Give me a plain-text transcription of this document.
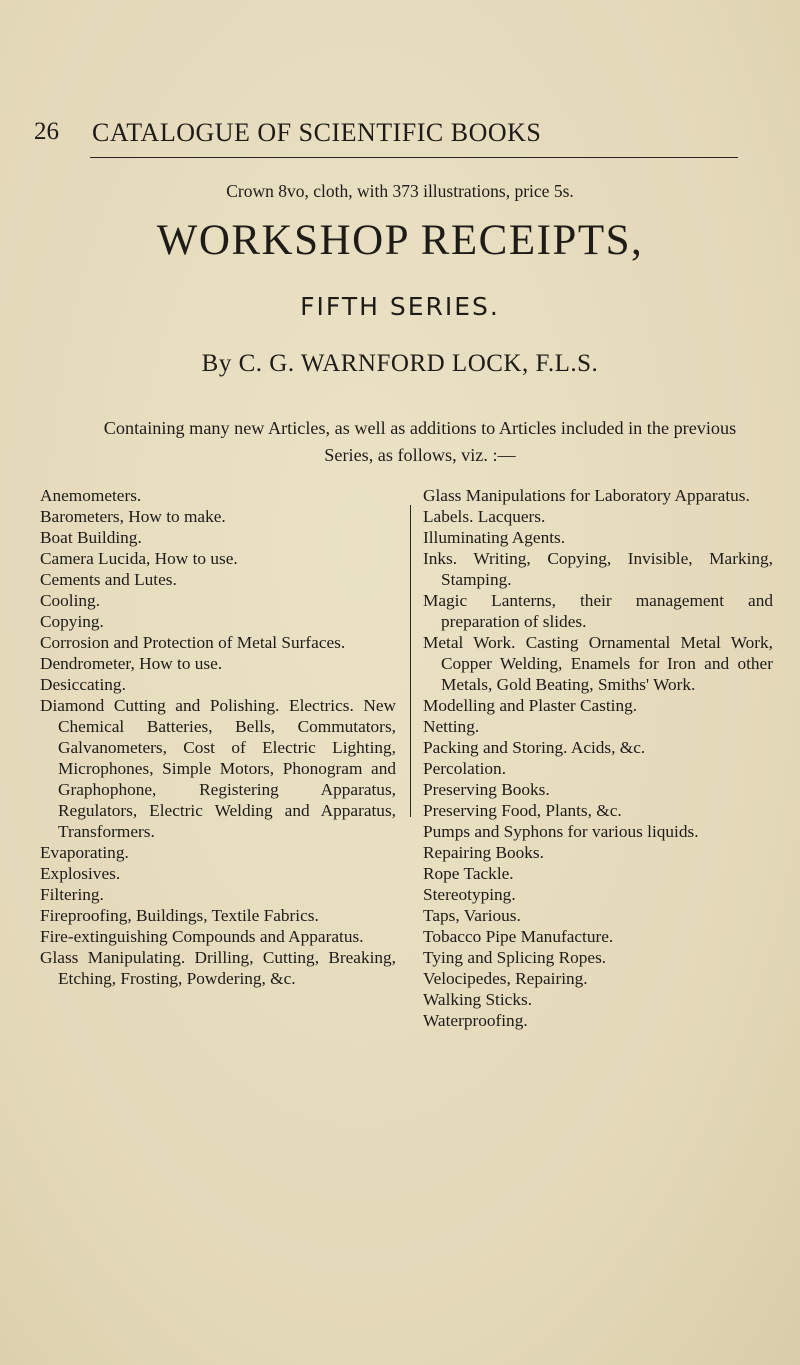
26 CATALOGUE OF SCIENTIFIC BOOKS
Crown 8vo, cloth, with 373 illustrations, price 5s.
WORKSHOP RECEIPTS,
FIFTH SERIES.
By C. G. WARNFORD LOCK, F.L.S.
Containing many new Articles, as well as additions to Articles included in the previous Series, as follows, viz. :—

Anemometers.

Barometers, How to make.

Boat Building.

Camera Lucida, How to use.

Cements and Lutes.

Cooling.

Copying.

Corrosion and Protection of Metal Surfaces.

Dendrometer, How to use.

Desiccating.

Diamond Cutting and Polishing. Electrics. New Chemical Batteries, Bells, Commutators, Galvanometers, Cost of Electric Lighting, Microphones, Simple Motors, Phonogram and Graphophone, Registering Apparatus, Regulators, Electric Welding and Apparatus, Transformers.

Evaporating.

Explosives.

Filtering.

Fireproofing, Buildings, Textile Fabrics.

Fire-extinguishing Compounds and Apparatus.

Glass Manipulating. Drilling, Cutting, Breaking, Etching, Frosting, Powdering, &c.

Glass Manipulations for Laboratory Apparatus.

Labels. Lacquers.

Illuminating Agents.

Inks. Writing, Copying, Invisible, Marking, Stamping.

Magic Lanterns, their management and preparation of slides.

Metal Work. Casting Ornamental Metal Work, Copper Welding, Enamels for Iron and other Metals, Gold Beating, Smiths' Work.

Modelling and Plaster Casting.

Netting.

Packing and Storing. Acids, &c.

Percolation.

Preserving Books.

Preserving Food, Plants, &c.

Pumps and Syphons for various liquids.

Repairing Books.

Rope Tackle.

Stereotyping.

Taps, Various.

Tobacco Pipe Manufacture.

Tying and Splicing Ropes.

Velocipedes, Repairing.

Walking Sticks.

Waterproofing.
